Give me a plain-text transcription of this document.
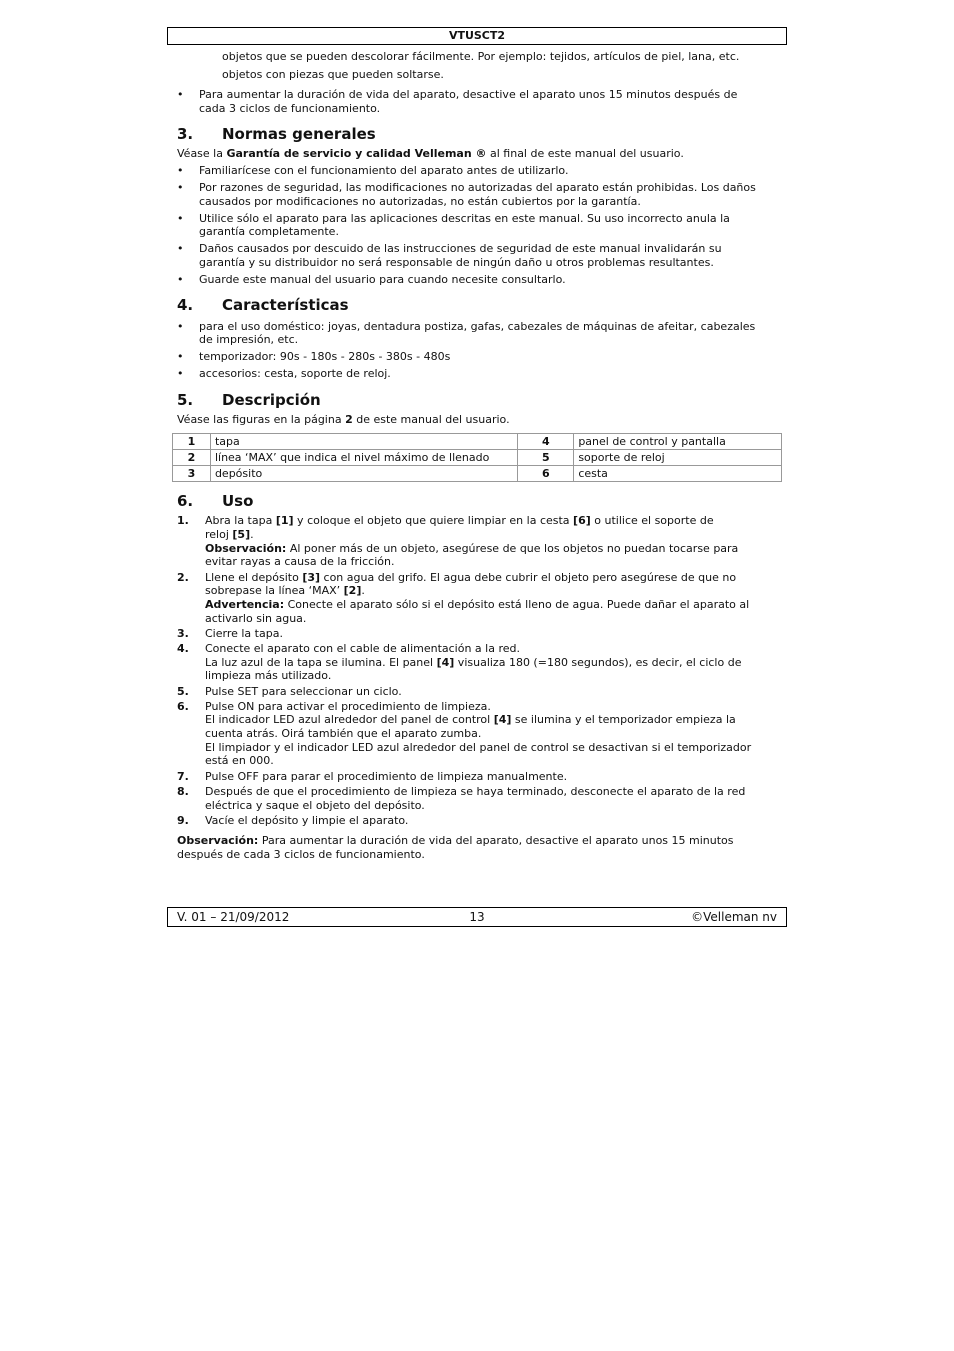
VTUSCT2
objetos que se pueden descolorar fácilmente. Por ejemplo: tejidos, artículos de piel, lana, etc.
objetos con piezas que pueden soltarse.
• Para aumentar la duración de vida del aparato, desactive el aparato unos 15 minutos después de
cada 3 ciclos de funcionamiento.
3. Normas generales
Véase la Garantía de servicio y calidad Velleman ® al final de este manual del usuario.
• Familiarícese con el funcionamiento del aparato antes de utilizarlo.
• Por razones de seguridad, las modificaciones no autorizadas del aparato están prohibidas. Los daños
causados por modificaciones no autorizadas, no están cubiertos por la garantía.
• Utilice sólo el aparato para las aplicaciones descritas en este manual. Su uso incorrecto anula la
garantía completamente.
• Daños causados por descuido de las instrucciones de seguridad de este manual invalidarán su
garantía y su distribuidor no será responsable de ningún daño u otros problemas resultantes.
• Guarde este manual del usuario para cuando necesite consultarlo.
4. Características
• para el uso doméstico: joyas, dentadura postiza, gafas, cabezales de máquinas de afeitar, cabezales
de impresión, etc.
• temporizador: 90s - 180s - 280s - 380s - 480s
• accesorios: cesta, soporte de reloj.
5. Descripción
Véase las figuras en la página 2 de este manual del usuario.
1	tapa	4	panel de control y pantalla
2	línea ‘MAX’ que indica el nivel máximo de llenado	5	soporte de reloj
3	depósito	6	cesta
6. Uso
1. Abra la tapa [1] y coloque el objeto que quiere limpiar en la cesta [6] o utilice el soporte de
reloj [5].
Observación: Al poner más de un objeto, asegúrese de que los objetos no puedan tocarse para
evitar rayas a causa de la fricción.
2. Llene el depósito [3] con agua del grifo. El agua debe cubrir el objeto pero asegúrese de que no
sobrepase la línea ‘MAX’ [2].
Advertencia: Conecte el aparato sólo si el depósito está lleno de agua. Puede dañar el aparato al
activarlo sin agua.
3. Cierre la tapa.
4. Conecte el aparato con el cable de alimentación a la red.
La luz azul de la tapa se ilumina. El panel [4] visualiza 180 (=180 segundos), es decir, el ciclo de
limpieza más utilizado.
5. Pulse SET para seleccionar un ciclo.
6. Pulse ON para activar el procedimiento de limpieza.
El indicador LED azul alrededor del panel de control [4] se ilumina y el temporizador empieza la
cuenta atrás. Oirá también que el aparato zumba.
El limpiador y el indicador LED azul alrededor del panel de control se desactivan si el temporizador
está en 000.
7. Pulse OFF para parar el procedimiento de limpieza manualmente.
8. Después de que el procedimiento de limpieza se haya terminado, desconecte el aparato de la red
eléctrica y saque el objeto del depósito.
9. Vacíe el depósito y limpie el aparato.
Observación: Para aumentar la duración de vida del aparato, desactive el aparato unos 15 minutos
después de cada 3 ciclos de funcionamiento.
V. 01 – 21/09/2012	13	©Velleman nv
